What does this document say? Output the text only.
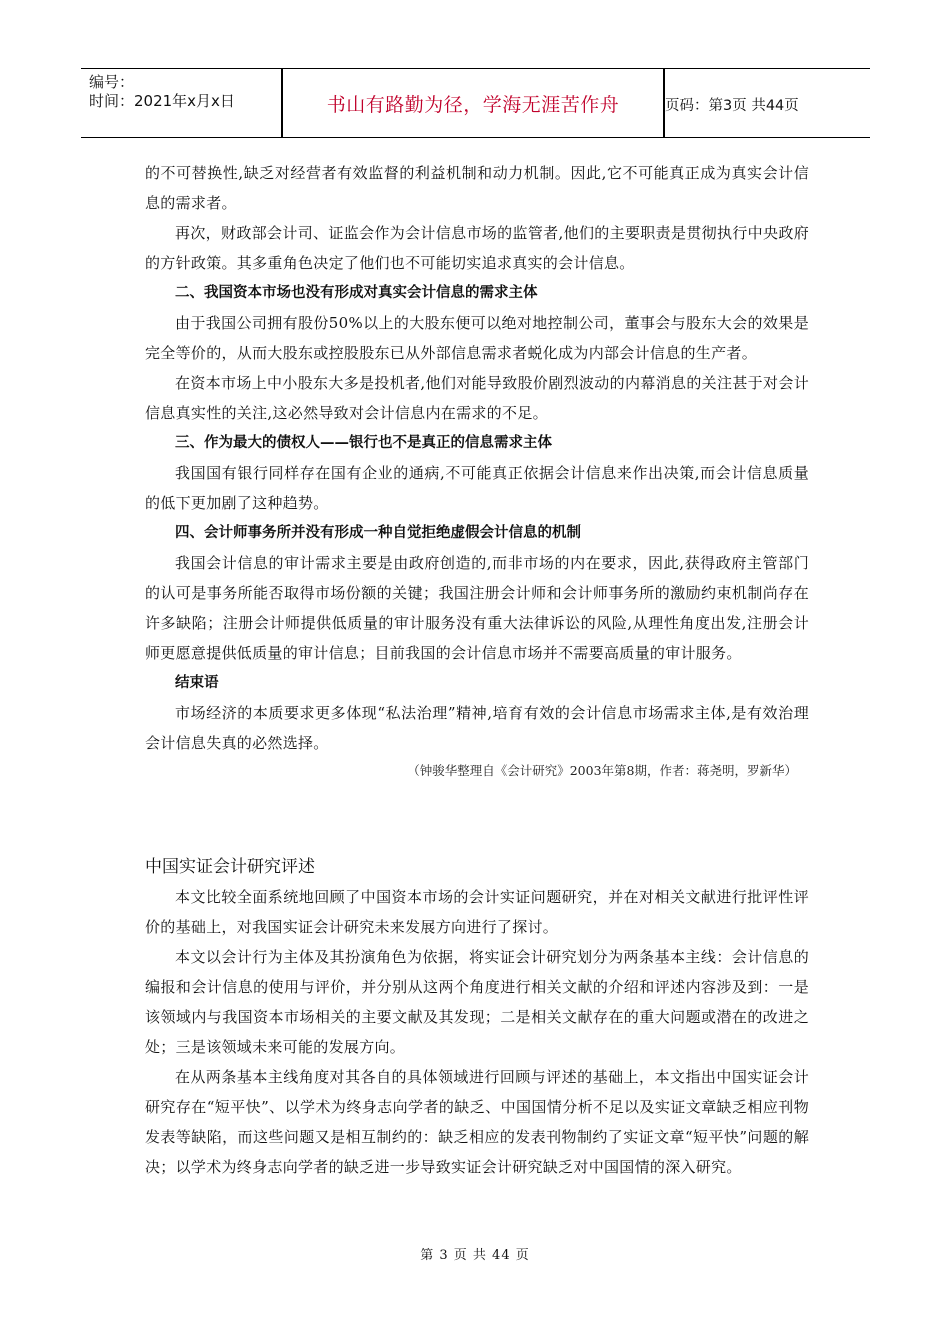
编号：
时间：2021年x月x日	书山有路勤为径，学海无涯苦作舟	页码：第3页 共44页

的不可替换性,缺乏对经营者有效监督的利益机制和动力机制。因此,它不可能真正成为真实会计信息的需求者。

再次，财政部会计司、证监会作为会计信息市场的监管者,他们的主要职责是贯彻执行中央政府的方针政策。其多重角色决定了他们也不可能切实追求真实的会计信息。

二、我国资本市场也没有形成对真实会计信息的需求主体

由于我国公司拥有股份50%以上的大股东便可以绝对地控制公司，董事会与股东大会的效果是完全等价的，从而大股东或控股股东已从外部信息需求者蜕化成为内部会计信息的生产者。

在资本市场上中小股东大多是投机者,他们对能导致股价剧烈波动的内幕消息的关注甚于对会计信息真实性的关注,这必然导致对会计信息内在需求的不足。

三、作为最大的债权人——银行也不是真正的信息需求主体

我国国有银行同样存在国有企业的通病,不可能真正依据会计信息来作出决策,而会计信息质量的低下更加剧了这种趋势。

四、会计师事务所并没有形成一种自觉拒绝虚假会计信息的机制

我国会计信息的审计需求主要是由政府创造的,而非市场的内在要求，因此,获得政府主管部门的认可是事务所能否取得市场份额的关键；我国注册会计师和会计师事务所的激励约束机制尚存在许多缺陷；注册会计师提供低质量的审计服务没有重大法律诉讼的风险,从理性角度出发,注册会计师更愿意提供低质量的审计信息；目前我国的会计信息市场并不需要高质量的审计服务。

结束语

市场经济的本质要求更多体现“私法治理”精神,培育有效的会计信息市场需求主体,是有效治理会计信息失真的必然选择。

（钟骏华整理自《会计研究》2003年第8期，作者：蒋尧明，罗新华）

中国实证会计研究评述

本文比较全面系统地回顾了中国资本市场的会计实证问题研究，并在对相关文献进行批评性评价的基础上，对我国实证会计研究未来发展方向进行了探讨。

本文以会计行为主体及其扮演角色为依据，将实证会计研究划分为两条基本主线：会计信息的编报和会计信息的使用与评价，并分别从这两个角度进行相关文献的介绍和评述内容涉及到：一是该领域内与我国资本市场相关的主要文献及其发现；二是相关文献存在的重大问题或潜在的改进之处；三是该领域未来可能的发展方向。

在从两条基本主线角度对其各自的具体领域进行回顾与评述的基础上，本文指出中国实证会计研究存在“短平快”、以学术为终身志向学者的缺乏、中国国情分析不足以及实证文章缺乏相应刊物发表等缺陷，而这些问题又是相互制约的：缺乏相应的发表刊物制约了实证文章“短平快”问题的解决；以学术为终身志向学者的缺乏进一步导致实证会计研究缺乏对中国国情的深入研究。

第 3 页 共 44 页
